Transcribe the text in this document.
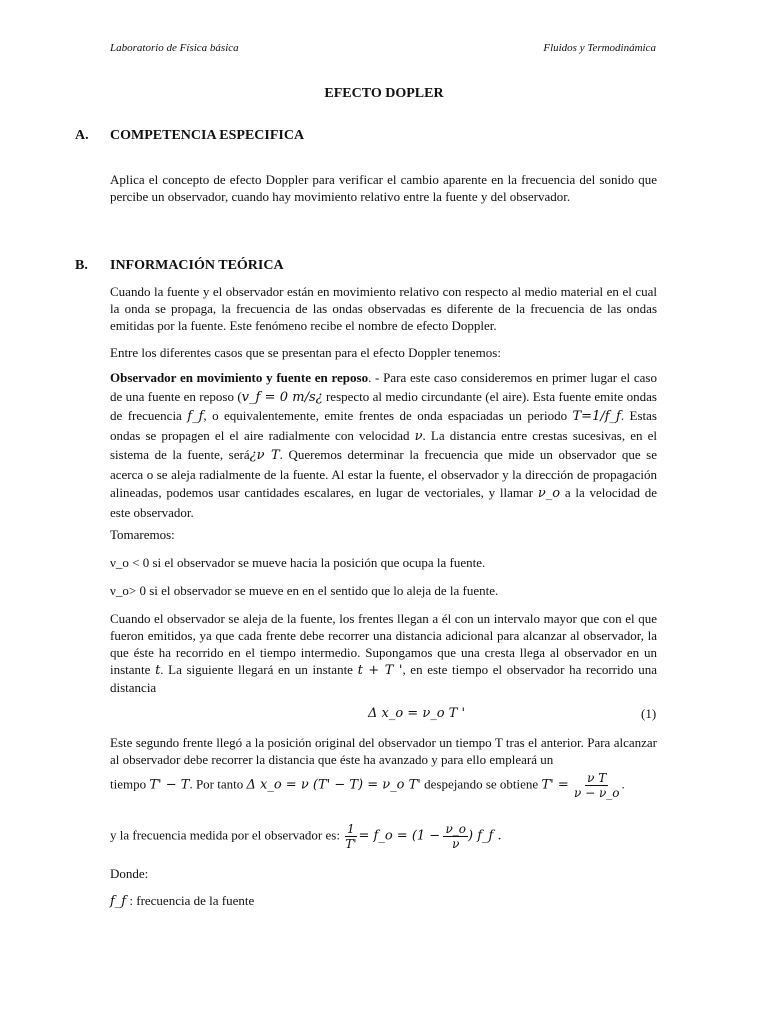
Laboratorio de Física básica	Fluidos y Termodinámica
EFECTO DOPLER
A. COMPETENCIA ESPECIFICA
Aplica el concepto de efecto Doppler para verificar el cambio aparente en la frecuencia del sonido que percibe un observador, cuando hay movimiento relativo entre la fuente y del observador.
B. INFORMACIÓN TEÓRICA
Cuando la fuente y el observador están en movimiento relativo con respecto al medio material en el cual la onda se propaga, la frecuencia de las ondas observadas es diferente de la frecuencia de las ondas emitidas por la fuente. Este fenómeno recibe el nombre de efecto Doppler.
Entre los diferentes casos que se presentan para el efecto Doppler tenemos:
Observador en movimiento y fuente en reposo. - Para este caso consideremos en primer lugar el caso de una fuente en reposo (v_f = 0 m/s¿ respecto al medio circundante (el aire). Esta fuente emite ondas de frecuencia f_f, o equivalentemente, emite frentes de onda espaciadas un periodo T=1/f_f. Estas ondas se propagen el el aire radialmente con velocidad ν. La distancia entre crestas sucesivas, en el sistema de la fuente, será¿ν T. Queremos determinar la frecuencia que mide un observador que se acerca o se aleja radialmente de la fuente. Al estar la fuente, el observador y la dirección de propagación alineadas, podemos usar cantidades escalares, en lugar de vectoriales, y llamar ν_o a la velocidad de este observador.
Tomaremos:
ν_o < 0 si el observador se mueve hacia la posición que ocupa la fuente.
ν_o> 0 si el observador se mueve en en el sentido que lo aleja de la fuente.
Cuando el observador se aleja de la fuente, los frentes llegan a él con un intervalo mayor que con el que fueron emitidos, ya que cada frente debe recorrer una distancia adicional para alcanzar al observador, la que éste ha recorrido en el tiempo intermedio. Supongamos que una cresta llega al observador en un instante t. La siguiente llegará en un instante t + T ', en este tiempo el observador ha recorrido una distancia
Δ x_o = ν_o T '	(1)
Este segundo frente llegó a la posición original del observador un tiempo T tras el anterior. Para alcanzar al observador debe recorrer la distancia que éste ha avanzado y para ello empleará un
tiempo T' − T. Por tanto Δ x_o = ν (T' − T) = ν_o T' despejando se obtiene $T' = \frac{\text{ν T}}{\nu - \nu\_o}$ .
y la frecuencia medida por el observador es: $\frac{1}{T'}$ = f_o = ($1 - \frac{\nu\_o}{\nu}$ ) f_f .
Donde:
f_f : frecuencia de la fuente
